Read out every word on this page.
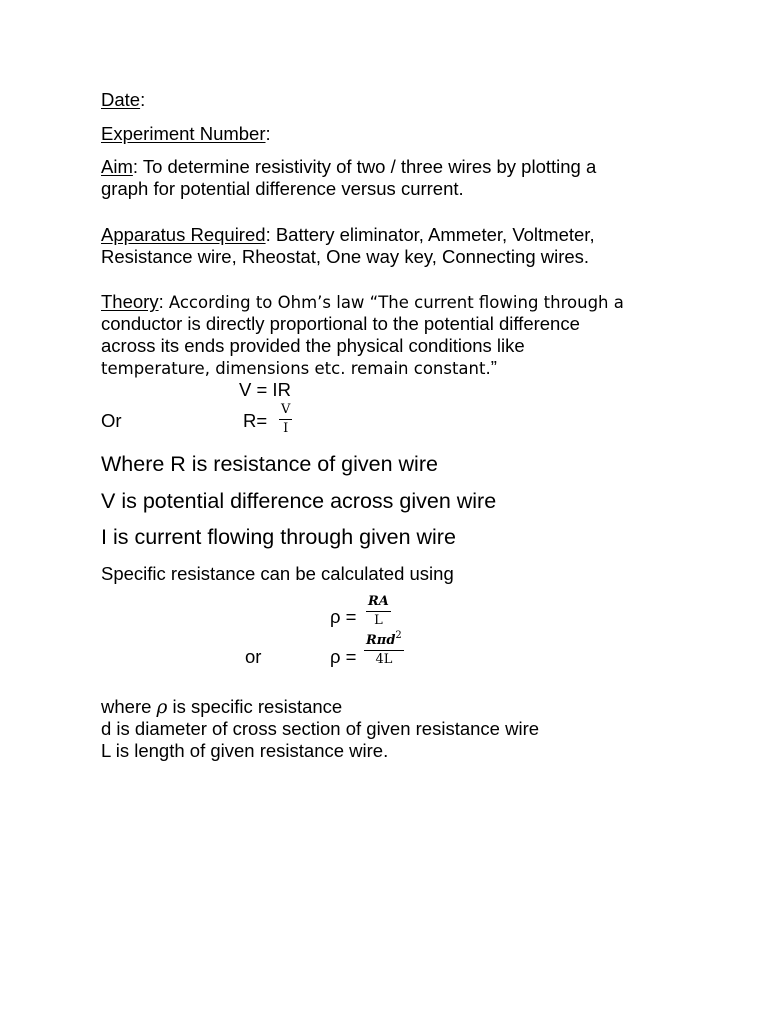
Date:
Experiment Number:
Aim: To determine resistivity of two / three wires by plotting a
graph for potential difference versus current.
Apparatus Required: Battery eliminator, Ammeter, Voltmeter,
Resistance wire, Rheostat, One way key, Connecting wires.
Theory: According to Ohm’s law “The current flowing through a
conductor is directly proportional to the potential difference
across its ends provided the physical conditions like
temperature, dimensions etc. remain constant.”
V = IR
Or	R=
V
I
Where R is resistance of given wire
V is potential difference across given wire
I is current flowing through given wire
Specific resistance can be calculated using
ρ =
RA
L
or	ρ =
Rπd$^2$
4L
where ρ is specific resistance
d is diameter of cross section of given resistance wire
L is length of given resistance wire.
